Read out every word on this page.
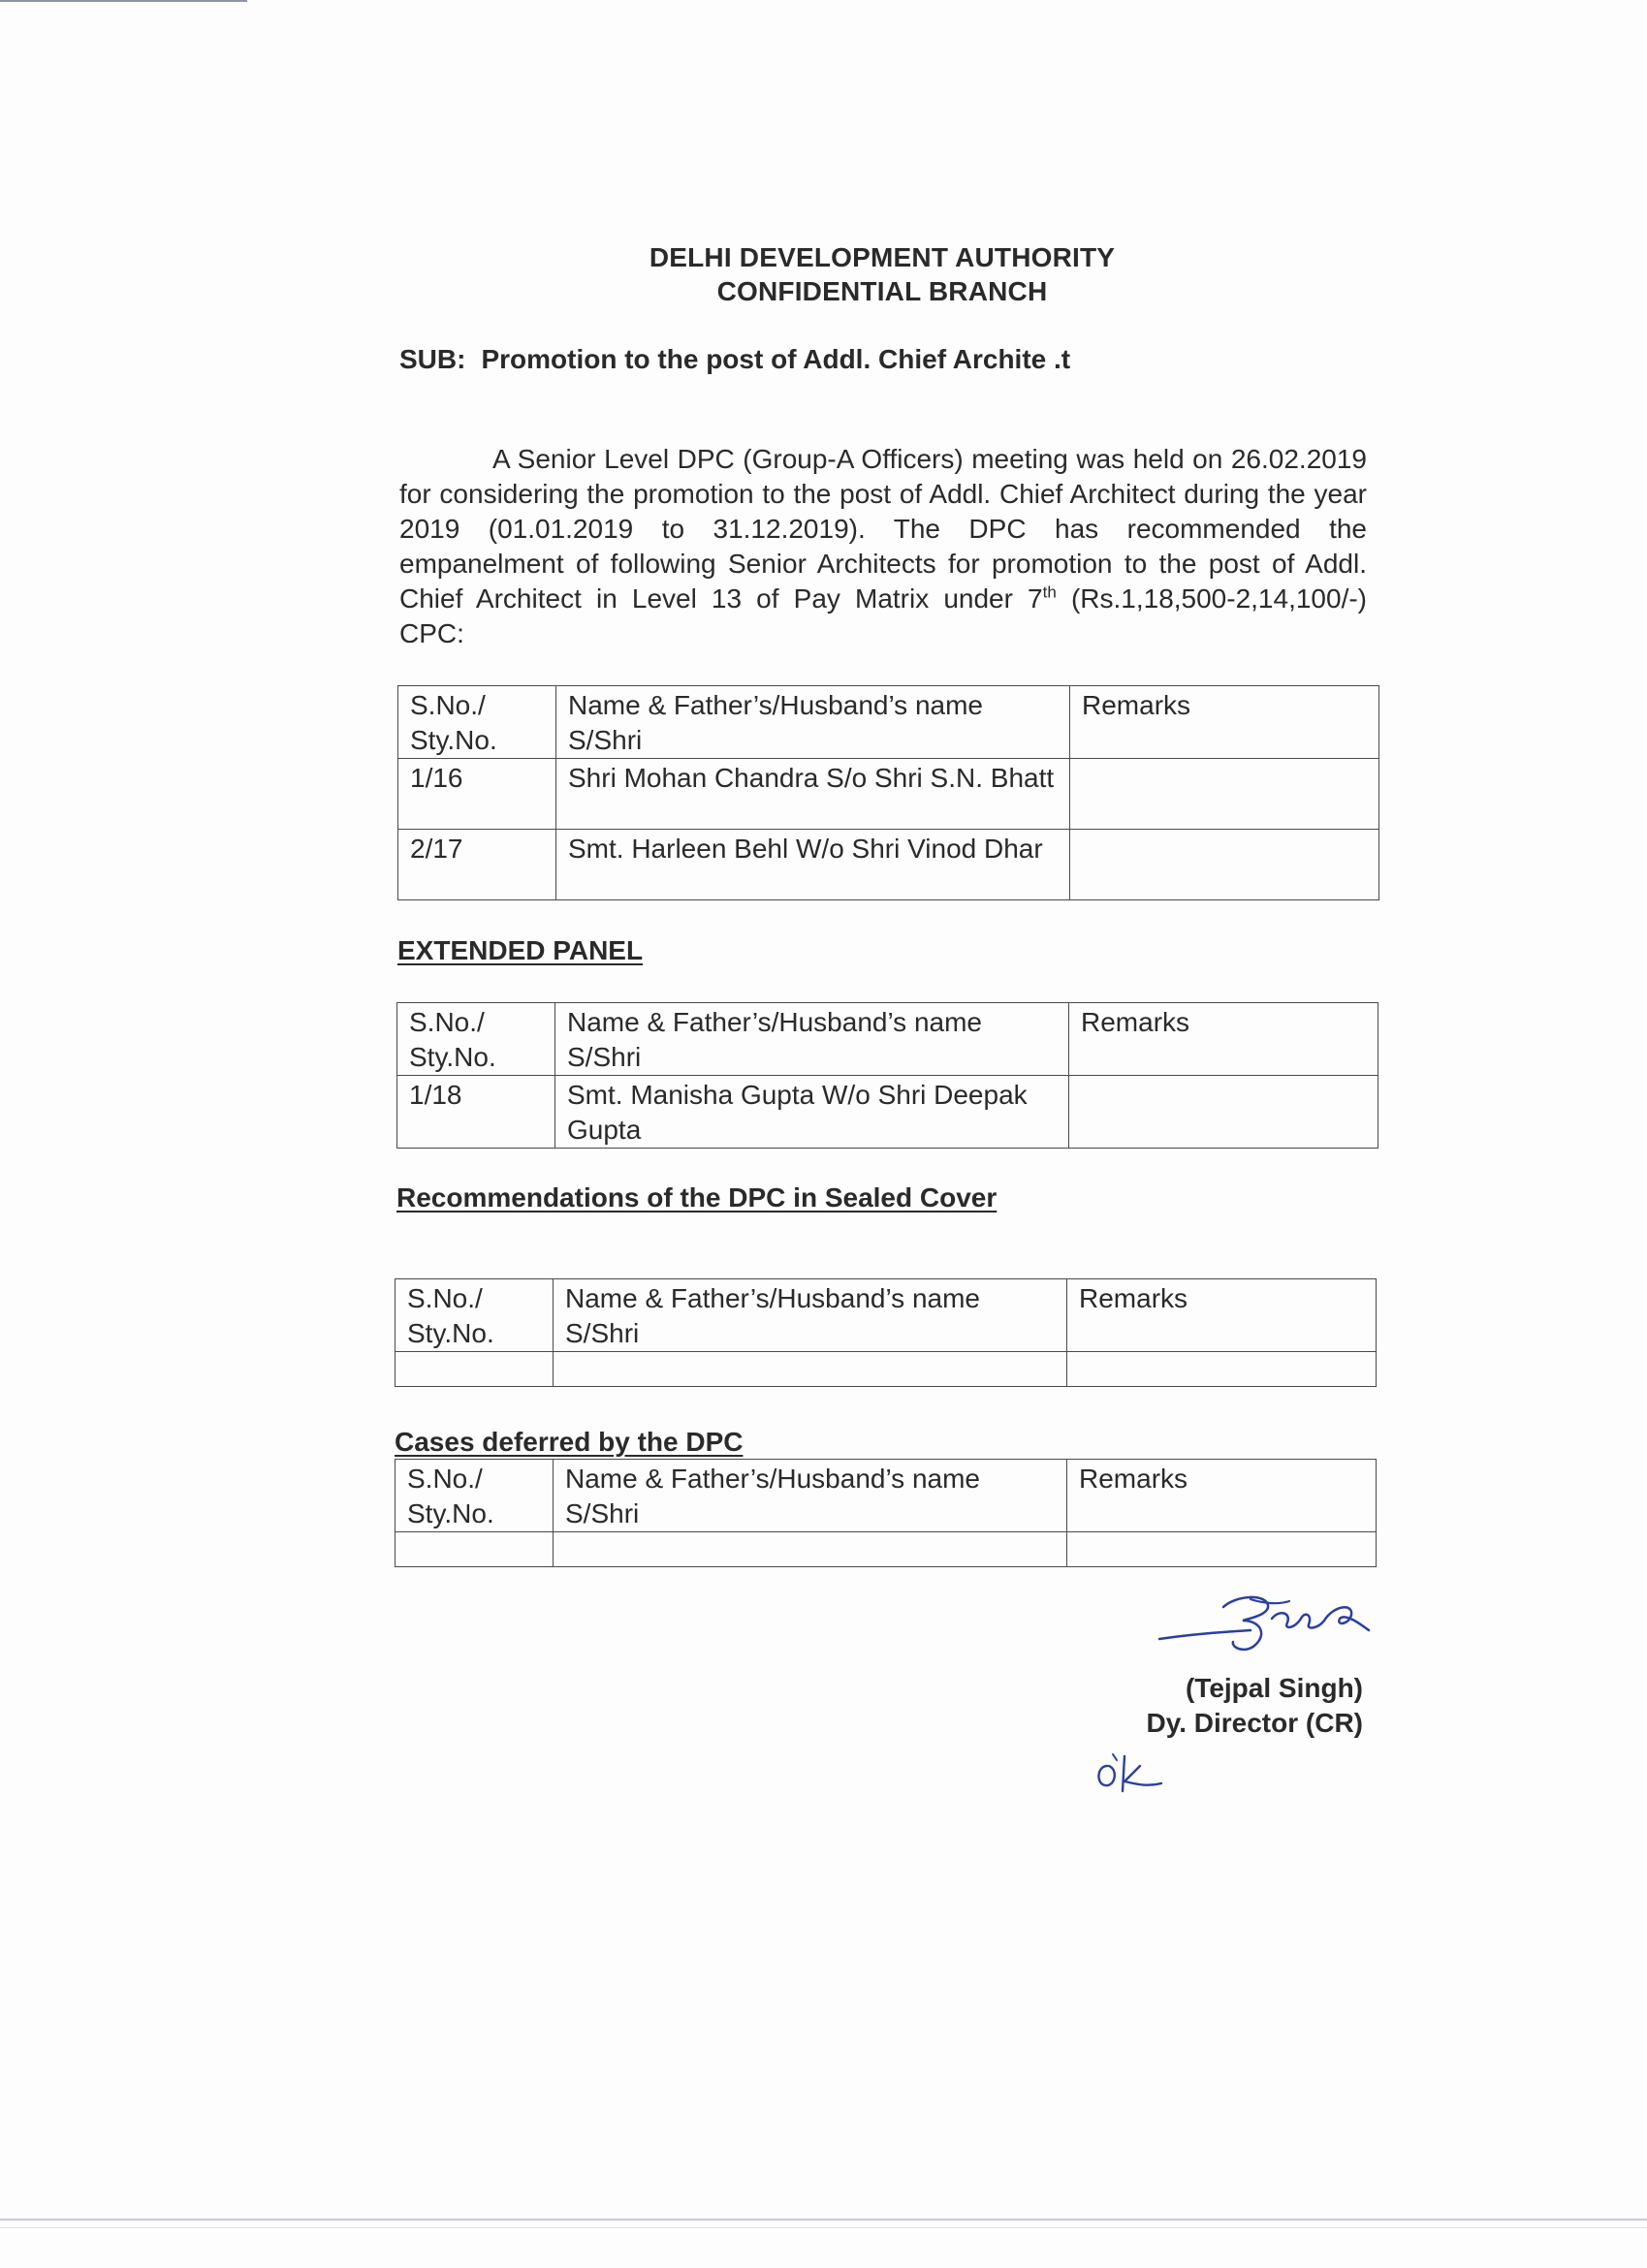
DELHI DEVELOPMENT AUTHORITY
CONFIDENTIAL BRANCH
SUB: Promotion to the post of Addl. Chief Archite .t
A Senior Level DPC (Group-A Officers) meeting was held on 26.02.2019 for considering the promotion to the post of Addl. Chief Architect during the year 2019 (01.01.2019 to 31.12.2019). The DPC has recommended the empanelment of following Senior Architects for promotion to the post of Addl. Chief Architect in Level 13 of Pay Matrix under 7th (Rs.1,18,500-2,14,100/-) CPC:
S.No./ Sty.No.	Name & Father’s/Husband’s name S/Shri	Remarks
1/16	Shri Mohan Chandra S/o Shri S.N. Bhatt	
2/17	Smt. Harleen Behl W/o Shri Vinod Dhar	
EXTENDED PANEL
S.No./ Sty.No.	Name & Father’s/Husband’s name S/Shri	Remarks
1/18	Smt. Manisha Gupta W/o Shri Deepak Gupta	
Recommendations of the DPC in Sealed Cover
S.No./ Sty.No.	Name & Father’s/Husband’s name S/Shri	Remarks

Cases deferred by the DPC
S.No./ Sty.No.	Name & Father’s/Husband’s name S/Shri	Remarks

(Tejpal Singh)
Dy. Director (CR)
